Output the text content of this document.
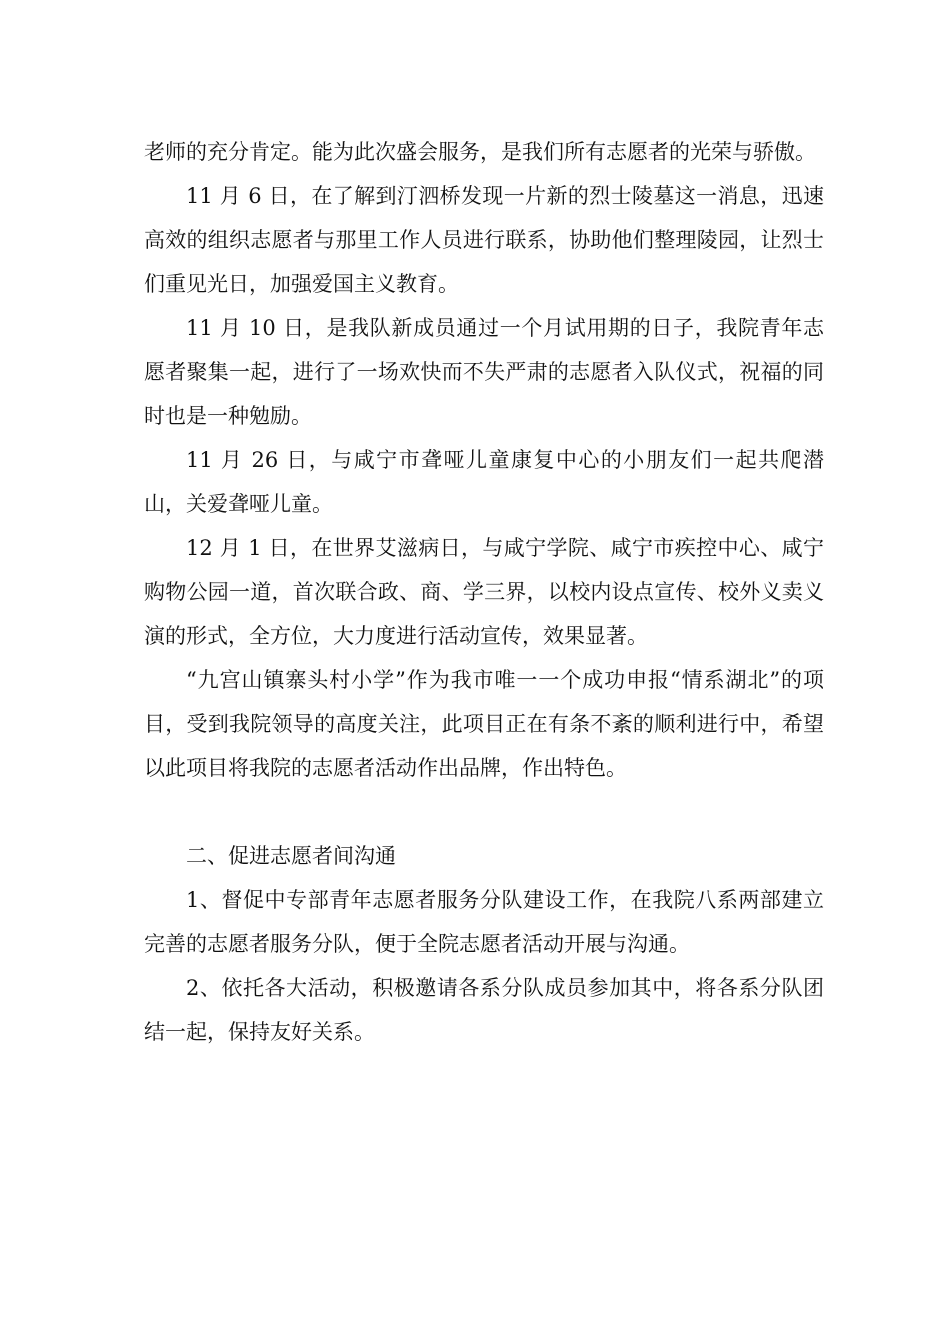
老师的充分肯定。能为此次盛会服务，是我们所有志愿者的光荣与骄傲。

11 月 6 日，在了解到汀泗桥发现一片新的烈士陵墓这一消息，迅速高效的组织志愿者与那里工作人员进行联系，协助他们整理陵园，让烈士们重见光日，加强爱国主义教育。

11 月 10 日，是我队新成员通过一个月试用期的日子，我院青年志愿者聚集一起，进行了一场欢快而不失严肃的志愿者入队仪式，祝福的同时也是一种勉励。

11 月 26 日，与咸宁市聋哑儿童康复中心的小朋友们一起共爬潜山，关爱聋哑儿童。

12 月 1 日，在世界艾滋病日，与咸宁学院、咸宁市疾控中心、咸宁购物公园一道，首次联合政、商、学三界，以校内设点宣传、校外义卖义演的形式，全方位，大力度进行活动宣传，效果显著。

“九宫山镇寨头村小学”作为我市唯一一个成功申报“情系湖北”的项目，受到我院领导的高度关注，此项目正在有条不紊的顺利进行中，希望以此项目将我院的志愿者活动作出品牌，作出特色。

二、促进志愿者间沟通

1、督促中专部青年志愿者服务分队建设工作，在我院八系两部建立完善的志愿者服务分队，便于全院志愿者活动开展与沟通。

2、依托各大活动，积极邀请各系分队成员参加其中，将各系分队团结一起，保持友好关系。
